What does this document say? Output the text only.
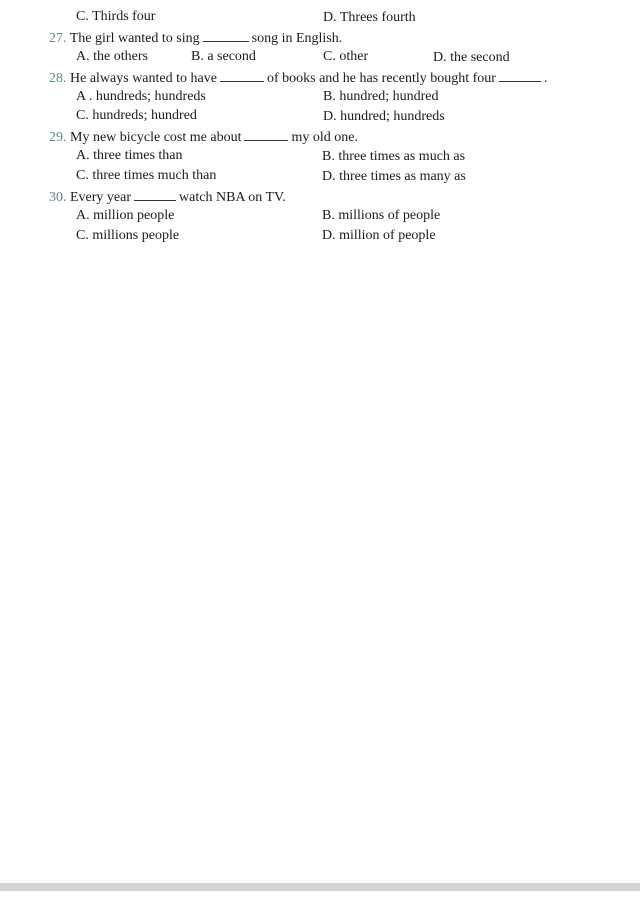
C. Thirds four	D. Threes fourth
27. The girl wanted to sing	song in English.
A. the others	B. a second	C. other	D. the second
28. He always wanted to have	of books and he has recently bought four	.
A . hundreds; hundreds	B. hundred; hundred
C. hundreds; hundred	D. hundred; hundreds
29. My new bicycle cost me about	my old one.
A. three times than	B. three times as much as
C. three times much than	D. three times as many as
30. Every year	watch NBA on TV.
A. million people	B. millions of people
C. millions people	D. million of people
